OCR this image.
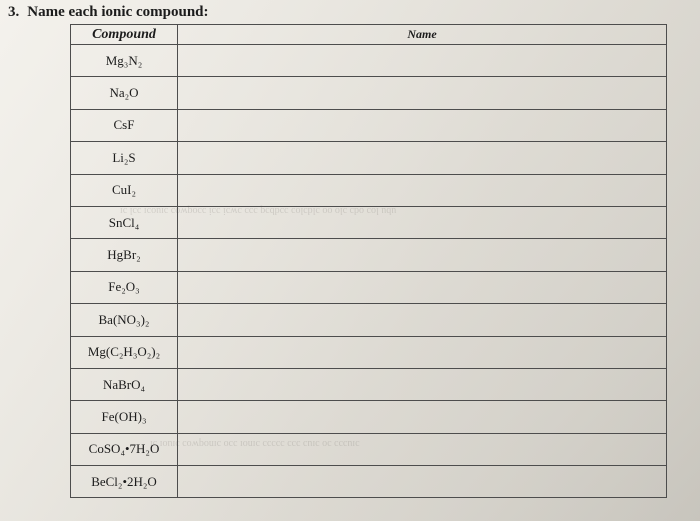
ubu loɔ odɔ ɔlo oo ɔldɔloɔ ɔɔdbɔq ɔɔɔ ɔwɔi ɔɔi ɔɔoqwoɔ ɔɪuoɔɪ ɔɔl ɔɪ
ɔɪuɔɔɔ ɔo ɔɪuɔ ɔɔɔ ɔɔɔɔɔ ɔɪnoɪ ɔɔo ɔɪnoqwoɔ ɔɪuoɪ ɔɪ
3. Name each ionic compound:
Compound	Name
Mg₃N₂	
Na₂O	
CsF	
Li₂S	
CuI₂	
SnCl₄	
HgBr₂	
Fe₂O₃	
Ba(NO₃)₂	
Mg(C₂H₃O₂)₂	
NaBrO₄	
Fe(OH)₃	
CoSO₄•7H₂O	
BeCl₂•2H₂O	
